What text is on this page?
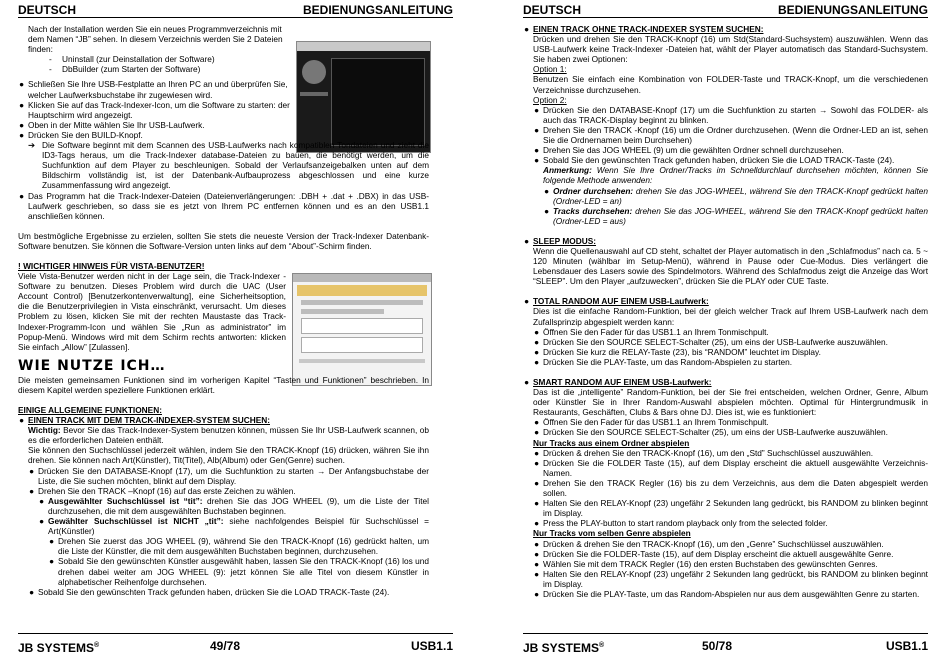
DEUTSCH	BEDIENUNGSANLEITUNG

Nach der Installation werden Sie ein neues Programmverzeichnis mit dem Namen “JB” sehen. In diesem Verzeichnis werden Sie 2 Dateien finden:

- Uninstall (zur Deinstallation der Software)
- DbBuilder (zum Starten der Software)
● Schließen Sie Ihre USB-Festplatte an Ihren PC an und überprüfen Sie, welcher Laufwerksbuchstabe ihr zugewiesen wird.
● Klicken Sie auf das Track-Indexer-Icon, um die Software zu starten: der Hauptschirm wird angezeigt.
● Oben in der Mitte wählen Sie Ihr USB-Laufwerk.
● Drücken Sie den BUILD-Knopf.
➔ Die Software beginnt mit dem Scannen des USB-Laufwerks nach kompatiblen Tondateien und zieht die ID3-Tags heraus, um die Track-Indexer database-Dateien zu bauen, die benötigt werden, um die Suchfunktion auf dem Player zu beschleunigen. Sobald der Verlaufsanzeigebalken unten auf dem Bildschirm vollständig ist, ist der Datenbank-Aufbauprozess abgeschlossen und eine kurze Zusammenfassung wird angezeigt.
● Das Programm hat die Track-Indexer-Dateien (Dateienverlängerungen: .DBH + .dat + .DBX) in das USB-Laufwerk geschrieben, so dass sie es jetzt von Ihrem PC entfernen können und es an den USB1.1 anschließen können.

Um bestmögliche Ergebnisse zu erzielen, sollten Sie stets die neueste Version der Track-Indexer Datenbank-Software benutzen. Sie können die Software-Version unten links auf dem “About”-Schirm finden.

! WICHTIGER HINWEIS FÜR VISTA-BENUTZER!

Viele Vista-Benutzer werden nicht in der Lage sein, die Track-Indexer - Software zu benutzen. Dieses Problem wird durch die UAC (User Account Control) [Benutzerkontenverwaltung], eine Sicherheitsoption, die die Benutzerprivilegien in Vista einschränkt, verursacht. Um dieses Problem zu lösen, klicken Sie mit der rechten Maustaste das Track-Indexer-Programm-Icon und wählen Sie „Run as administrator” im Popup-Menü. Windows wird mit dem Schirm rechts antworten: klicken Sie einfach „Allow” [Zulassen].

WIE NUTZE ICH…

Die meisten gemeinsamen Funktionen sind im vorherigen Kapitel “Tasten und Funktionen” beschrieben. In diesem Kapitel werden speziellere Funktionen erklärt.

EINIGE ALLGEMEINE FUNKTIONEN:

● EINEN TRACK MIT DEM TRACK-INDEXER-SYSTEM SUCHEN:

Wichtig: Bevor Sie das Track-Indexer-System benutzen können, müssen Sie Ihr USB-Laufwerk scannen, ob es die erforderlichen Dateien enthält.

Sie können den Suchschlüssel jederzeit wählen, indem Sie den TRACK-Knopf (16) drücken, währen Sie ihn drehen. Sie können nach Art(Künstler), Tit(Titel), Alb(Album) oder Gen(Genre) suchen.

● Drücken Sie den DATABASE-Knopf (17), um die Suchfunktion zu starten → Der Anfangsbuchstabe der Liste, die Sie suchen möchten, blinkt auf dem Display.
● Drehen Sie den TRACK –Knopf (16) auf das erste Zeichen zu wählen.
● Ausgewählter Suchschlüssel ist “tit”: drehen Sie das JOG WHEEL (9), um die Liste der Titel durchzusehen, die mit dem ausgewählten Buchstaben beginnen.
● Gewählter Suchschlüssel ist NICHT „tit”: siehe nachfolgendes Beispiel für Suchschlüssel = Art(Künstler)
● Drehen Sie zuerst das JOG WHEEL (9), während Sie den TRACK-Knopf (16) gedrückt halten, um die Liste der Künstler, die mit dem ausgewählten Buchstaben beginnen, durchzusehen.
● Sobald Sie den gewünschten Künstler ausgewählt haben, lassen Sie den TRACK-Knopf (16) los und drehen dabei weiter am JOG WHEEL (9): jetzt können Sie alle Titel von diesem Künstler in alphabetischer Reihenfolge durchsehen.
● Sobald Sie den gewünschten Track gefunden haben, drücken Sie die LOAD TRACK-Taste (24).
JB SYSTEMS®	49/78	USB1.1
DEUTSCH	BEDIENUNGSANLEITUNG
● EINEN TRACK OHNE TRACK-INDEXER SYSTEM SUCHEN:

Drücken und drehen Sie den TRACK-Knopf (16) um Std(Standard-Suchsystem) auszuwählen. Wenn das USB-Laufwerk keine Track-Indexer -Dateien hat, wählt der Player automatisch das Standard-Suchsystem. Sie haben zwei Optionen:

Option 1:

Benutzen Sie einfach eine Kombination von FOLDER-Taste und TRACK-Knopf, um die verschiedenen Verzeichnisse durchzusehen.

Option 2:

● Drücken Sie den DATABASE-Knopf (17) um die Suchfunktion zu starten → Sowohl das FOLDER- als auch das TRACK-Display beginnt zu blinken.
● Drehen Sie den TRACK -Knopf (16) um die Ordner durchzusehen. (Wenn die Ordner-LED an ist, sehen Sie die Ordnernamen beim Durchsehen)
● Drehen Sie das JOG WHEEL (9) um die gewählten Ordner schnell durchzusehen.
● Sobald Sie den gewünschten Track gefunden haben, drücken Sie die LOAD TRACK-Taste (24).

Anmerkung: Wenn Sie Ihre Ordner/Tracks im Schnelldurchlauf durchsehen möchten, können Sie folgende Methode anwenden:

● Ordner durchsehen: drehen Sie das JOG-WHEEL, während Sie den TRACK-Knopf gedrückt halten (Ordner-LED = an)
● Tracks durchsehen: drehen Sie das JOG-WHEEL, während Sie den TRACK-Knopf gedrückt halten (Ordner-LED = aus)
● SLEEP MODUS:

Wenn die Quellenauswahl auf CD steht, schaltet der Player automatisch in den „Schlafmodus” nach ca. 5 ~ 120 Minuten (wählbar im Setup-Menü), während in Pause oder Cue-Modus. Dies verlängert die Lebensdauer des Lasers sowie des Spindelmotors. Während des Schlafmodus zeigt die Anzeige das Wort “SLEEP”. Um den Player „aufzuwecken”, drücken Sie die PLAY oder CUE Taste.

● TOTAL RANDOM AUF EINEM USB-Laufwerk:

Dies ist die einfache Random-Funktion, bei der gleich welcher Track auf Ihrem USB-Laufwerk nach dem Zufallsprinzip abgespielt werden kann:

● Öffnen Sie den Fader für das USB1.1 an Ihrem Tonmischpult.
● Drücken Sie den SOURCE SELECT-Schalter (25), um eins der USB-Laufwerke auszuwählen.
● Drücken Sie kurz die RELAY-Taste (23), bis “RANDOM” leuchtet im Display.
● Drücken Sie die PLAY-Taste, um das Random-Abspielen zu starten.
● SMART RANDOM AUF EINEM USB-Laufwerk:

Das ist die „intelligente” Random-Funktion, bei der Sie frei entscheiden, welchen Ordner, Genre, Album oder Künstler Sie in Ihrer Random-Auswahl abspielen möchten. Optimal für Hintergrundmusik in Restaurants, Geschäften, Clubs & Bars ohne DJ. Dies ist, wie es funktioniert:

● Öffnen Sie den Fader für das USB1.1 an Ihrem Tonmischpult.
● Drücken Sie den SOURCE SELECT-Schalter (25), um eins der USB-Laufwerke auszuwählen.

Nur Tracks aus einem Ordner abspielen

● Drücken & drehen Sie den TRACK-Knopf (16), um den „Std” Suchschlüssel auszuwählen.
● Drücken Sie die FOLDER Taste (15), auf dem Display erscheint die aktuell ausgewählte Verzeichnis-Namen.
● Drehen Sie den TRACK Regler (16) bis zu dem Verzeichnis, aus dem die Daten abgespielt werden sollen.
● Halten Sie den RELAY-Knopf (23) ungefähr 2 Sekunden lang gedrückt, bis RANDOM zu blinken beginnt im Display.
● Press the PLAY-button to start random playback only from the selected folder.

Nur Tracks vom selben Genre abspielen

● Drücken & drehen Sie den TRACK-Knopf (16), um den „Genre” Suchschlüssel auszuwählen.
● Drücken Sie die FOLDER-Taste (15), auf dem Display erscheint die aktuell ausgewählte Genre.
● Wählen Sie mit dem TRACK Regler (16) den ersten Buchstaben des gewünschten Genres.
● Halten Sie den RELAY-Knopf (23) ungefähr 2 Sekunden lang gedrückt, bis RANDOM zu blinken beginnt im Display.
● Drücken Sie die PLAY-Taste, um das Random-Abspielen nur aus dem ausgewählten Genre zu starten.
JB SYSTEMS®	50/78	USB1.1
